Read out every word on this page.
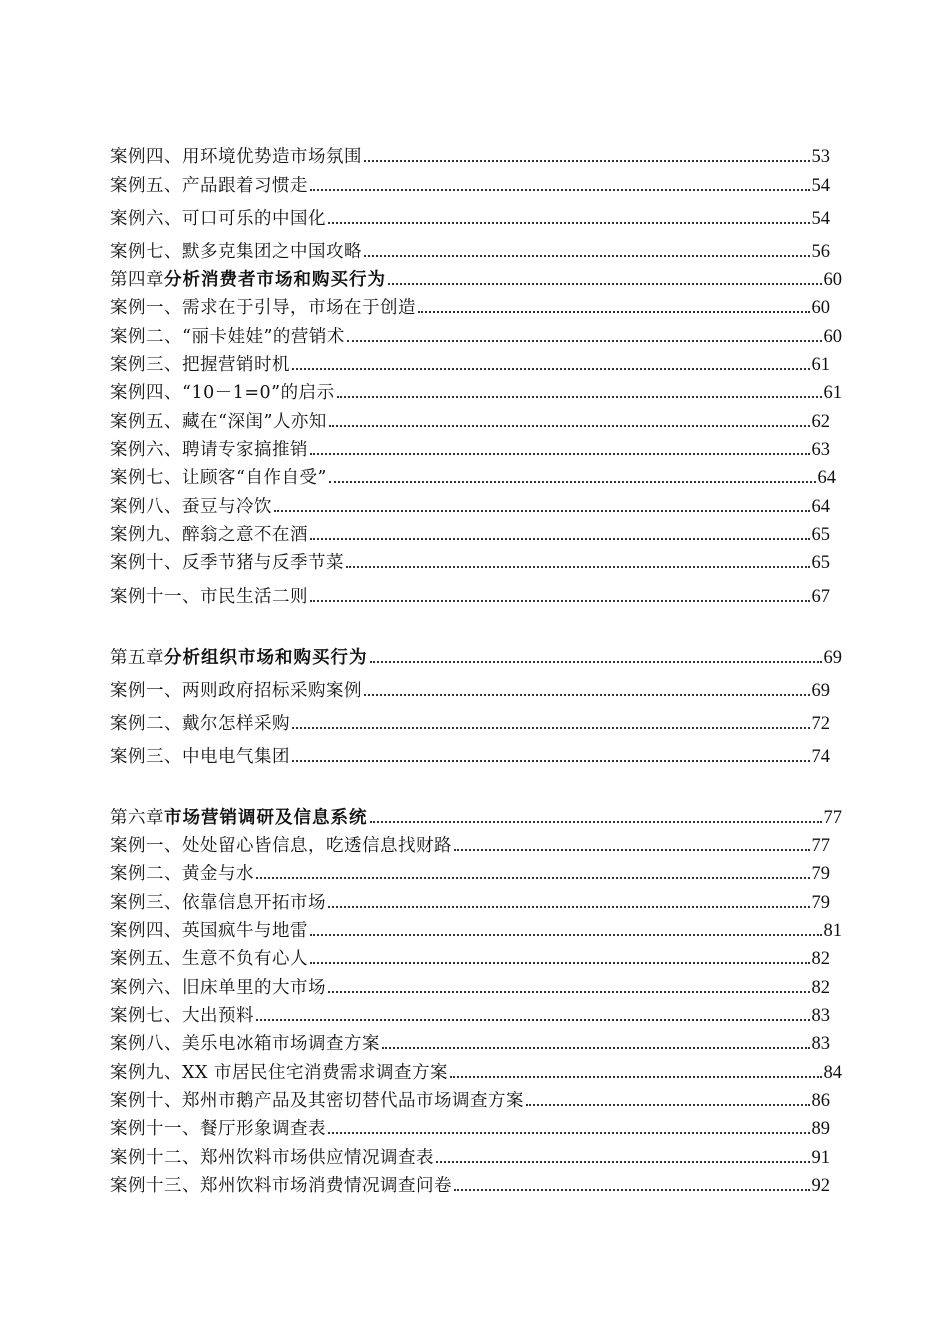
案例四、用环境优势造市场氛围	53
案例五、产品跟着习惯走	54
案例六、可口可乐的中国化	54
案例七、默多克集团之中国攻略	56
第四章分析消费者市场和购买行为	60
案例一、需求在于引导，市场在于创造	60
案例二、“丽卡娃娃”的营销术	60
案例三、把握营销时机	61
案例四、“10－1=0”的启示	61
案例五、藏在“深闺”人亦知	62
案例六、聘请专家搞推销	63
案例七、让顾客“自作自受”	64
案例八、蚕豆与冷饮	64
案例九、醉翁之意不在酒	65
案例十、反季节猪与反季节菜	65
案例十一、市民生活二则	67
第五章分析组织市场和购买行为	69
案例一、两则政府招标采购案例	69
案例二、戴尔怎样采购	72
案例三、中电电气集团	74
第六章市场营销调研及信息系统	77
案例一、处处留心皆信息，吃透信息找财路	77
案例二、黄金与水	79
案例三、依靠信息开拓市场	79
案例四、英国疯牛与地雷	81
案例五、生意不负有心人	82
案例六、旧床单里的大市场	82
案例七、大出预料	83
案例八、美乐电冰箱市场调查方案	83
案例九、XX 市居民住宅消费需求调查方案	84
案例十、郑州市鹅产品及其密切替代品市场调查方案	86
案例十一、餐厅形象调查表	89
案例十二、郑州饮料市场供应情况调查表	91
案例十三、郑州饮料市场消费情况调查问卷	92
